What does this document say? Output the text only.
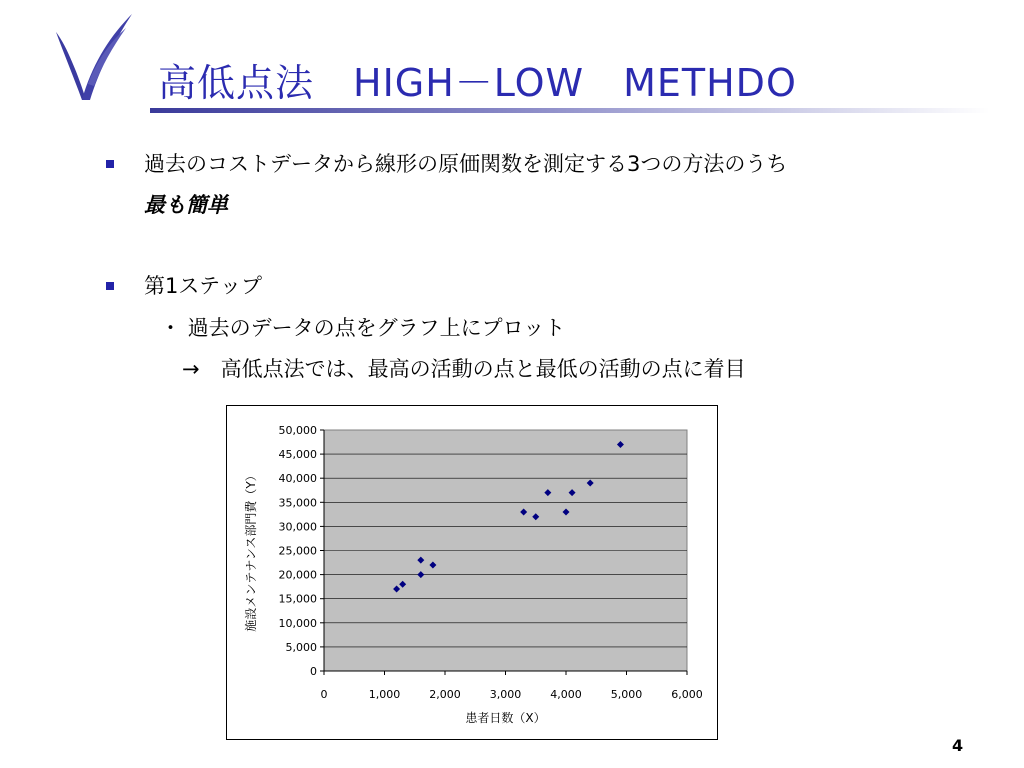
高低点法　HIGH－LOW　METHDO
過去のコストデータから線形の原価関数を測定する3つの方法のうち
最も簡単
第1ステップ
・ 過去のデータの点をグラフ上にプロット
→　高低点法では、最高の活動の点と最低の活動の点に着目
0
5,000
10,000
15,000
20,000
25,000
30,000
35,000
40,000
45,000
50,000
0	1,000	2,000	3,000	4,000	5,000	6,000
患者日数（X）
施設メンテナンス部門費（Y）
4
